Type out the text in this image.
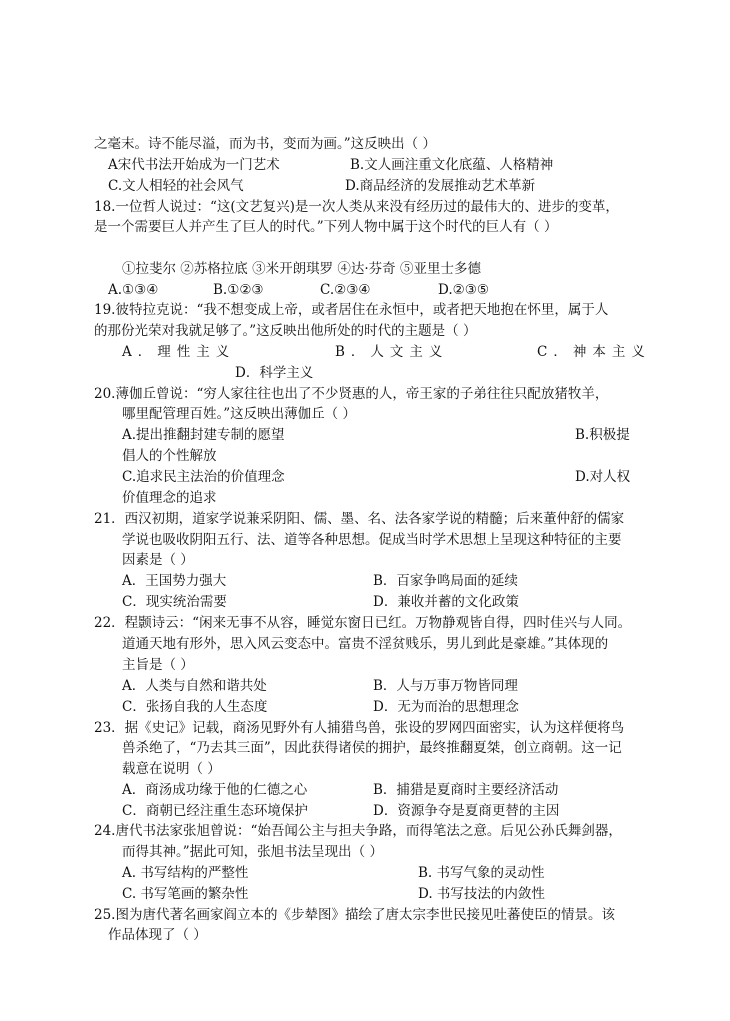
之毫末。诗不能尽溢，而为书，变而为画。”这反映出（ ）
A宋代书法开始成为一门艺术	B.文人画注重文化底蕴、人格精神
C.文人相轻的社会风气	D.商品经济的发展推动艺术革新
18.一位哲人说过：“这(文艺复兴)是一次人类从来没有经历过的最伟大的、进步的变革，
是一个需要巨人并产生了巨人的时代。”下列人物中属于这个时代的巨人有（ ）
①拉斐尔 ②苏格拉底 ③米开朗琪罗 ④达·芬奇 ⑤亚里士多德
A.①③④	B.①②③	C.②③④	D.②③⑤
19.彼特拉克说：“我不想变成上帝，或者居住在永恒中，或者把天地抱在怀里，属于人
的那份光荣对我就足够了。”这反映出他所处的时代的主题是（ ）
A．理性主义	B．人文主义	C．神本主义
D．科学主义
20.薄伽丘曾说：“穷人家往往也出了不少贤惠的人，帝王家的子弟往往只配放猪牧羊，
哪里配管理百姓。”这反映出薄伽丘（ ）
A.提出推翻封建专制的愿望	B.积极提
倡人的个性解放
C.追求民主法治的价值理念	D.对人权
价值理念的追求
21．西汉初期，道家学说兼采阴阳、儒、墨、名、法各家学说的精髓；后来董仲舒的儒家
学说也吸收阴阳五行、法、道等各种思想。促成当时学术思想上呈现这种特征的主要
因素是（ ）
A．王国势力强大	B．百家争鸣局面的延续
C．现实统治需要	D．兼收并蓄的文化政策
22．程颢诗云：“闲来无事不从容，睡觉东窗日已红。万物静观皆自得，四时佳兴与人同。
道通天地有形外，思入风云变态中。富贵不淫贫贱乐，男儿到此是豪雄。”其体现的
主旨是（ ）
A．人类与自然和谐共处	B．人与万事万物皆同理
C．张扬自我的人生态度	D．无为而治的思想理念
23．据《史记》记载，商汤见野外有人捕猎鸟兽，张设的罗网四面密实，认为这样便将鸟
兽杀绝了，“乃去其三面”，因此获得诸侯的拥护，最终推翻夏桀，创立商朝。这一记
载意在说明（ ）
A．商汤成功缘于他的仁德之心	B．捕猎是夏商时主要经济活动
C．商朝已经注重生态环境保护	D．资源争夺是夏商更替的主因
24.唐代书法家张旭曾说：“始吾闻公主与担夫争路，而得笔法之意。后见公孙氏舞剑器，
而得其神。”据此可知，张旭书法呈现出（ ）
A. 书写结构的严整性	B. 书写气象的灵动性
C. 书写笔画的繁杂性	D. 书写技法的内敛性
25.图为唐代著名画家阎立本的《步辇图》描绘了唐太宗李世民接见吐蕃使臣的情景。该
作品体现了（ ）
